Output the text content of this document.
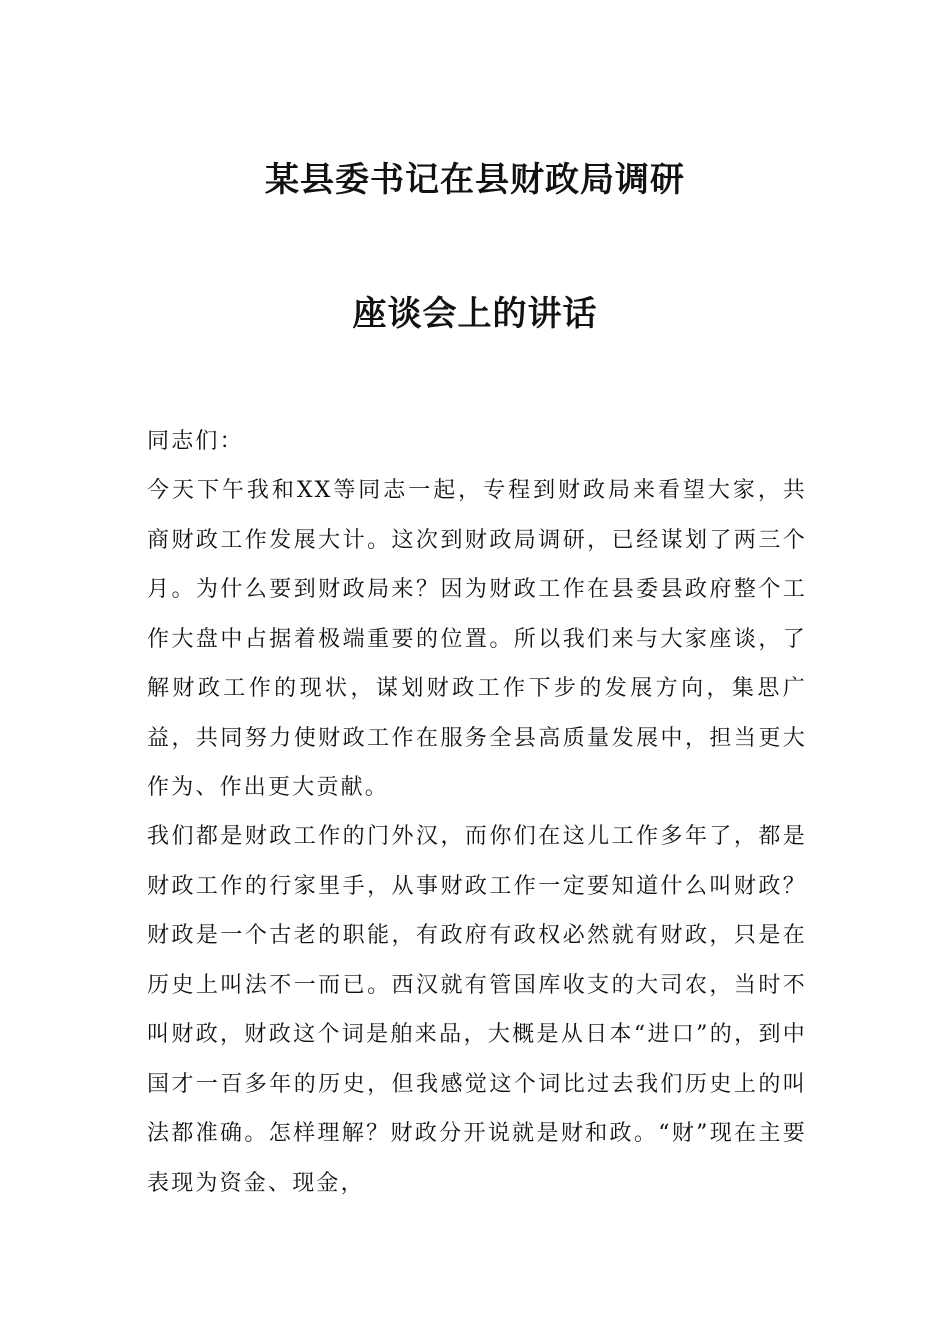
某县委书记在县财政局调研
座谈会上的讲话

同志们：

今天下午我和XX等同志一起，专程到财政局来看望大家，共商财政工作发展大计。这次到财政局调研，已经谋划了两三个月。为什么要到财政局来？因为财政工作在县委县政府整个工作大盘中占据着极端重要的位置。所以我们来与大家座谈，了解财政工作的现状，谋划财政工作下步的发展方向，集思广益，共同努力使财政工作在服务全县高质量发展中，担当更大作为、作出更大贡献。

我们都是财政工作的门外汉，而你们在这儿工作多年了，都是财政工作的行家里手，从事财政工作一定要知道什么叫财政？财政是一个古老的职能，有政府有政权必然就有财政，只是在历史上叫法不一而已。西汉就有管国库收支的大司农，当时不叫财政，财政这个词是舶来品，大概是从日本“进口”的，到中国才一百多年的历史，但我感觉这个词比过去我们历史上的叫法都准确。怎样理解？财政分开说就是财和政。“财”现在主要表现为资金、现金，
